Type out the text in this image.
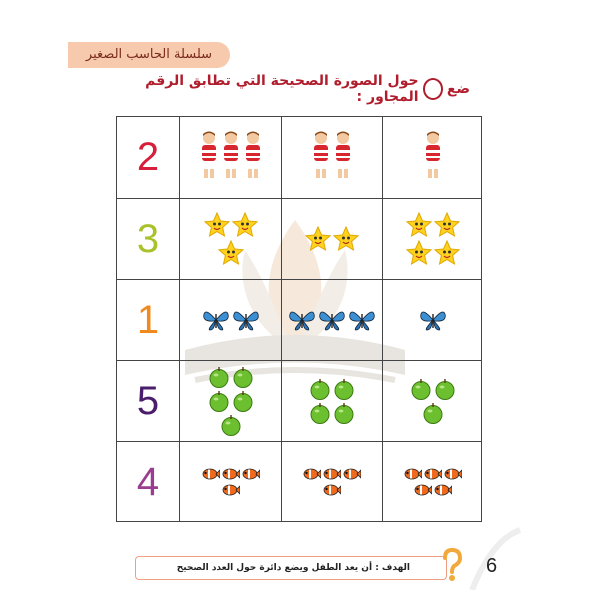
سلسلة الحاسب الصغير
ضع
حول الصورة الصحيحة التي تطابق الرقم المجاور :
2
3
1
5
4
الهدف : أن يعد الطفل ويضع دائرة حول العدد الصحيح	6
